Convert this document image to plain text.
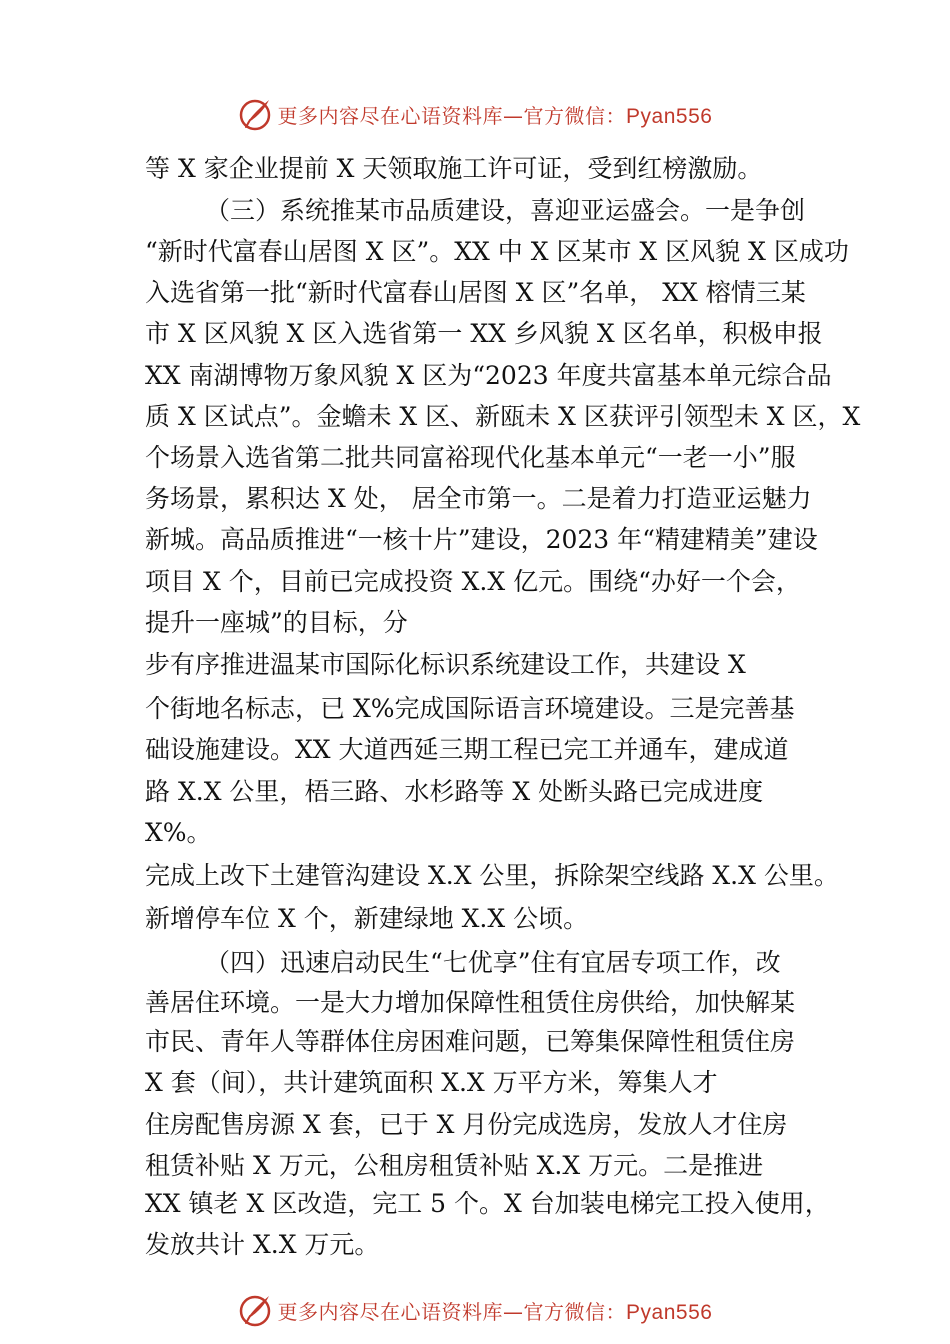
更多内容尽在心语资料库—官方微信：Pyan556
等 X 家企业提前 X 天领取施工许可证，受到红榜激励。
（三）系统推某市品质建设，喜迎亚运盛会。一是争创
“新时代富春山居图 X 区”。XX 中 X 区某市 X 区风貌 X 区成功
入选省第一批“新时代富春山居图 X 区”名单， XX 榕情三某
市 X 区风貌 X 区入选省第一 XX 乡风貌 X 区名单，积极申报
XX 南湖博物万象风貌 X 区为“2023 年度共富基本单元综合品
质 X 区试点”。金蟾未 X 区、新瓯未 X 区获评引领型未 X 区，X
个场景入选省第二批共同富裕现代化基本单元“一老一小”服
务场景，累积达 X 处， 居全市第一。二是着力打造亚运魅力
新城。高品质推进“一核十片”建设，2023 年“精建精美”建设
项目 X 个，目前已完成投资 X.X 亿元。围绕“办好一个会，
提升一座城”的目标，分
步有序推进温某市国际化标识系统建设工作，共建设 X
个街地名标志，已 X%完成国际语言环境建设。三是完善基
础设施建设。XX 大道西延三期工程已完工并通车，建成道
路 X.X 公里，梧三路、水杉路等 X 处断头路已完成进度
X%。
完成上改下土建管沟建设 X.X 公里，拆除架空线路 X.X 公里。
新增停车位 X 个，新建绿地 X.X 公顷。
（四）迅速启动民生“七优享”住有宜居专项工作，改
善居住环境。一是大力增加保障性租赁住房供给，加快解某
市民、青年人等群体住房困难问题，已筹集保障性租赁住房
X 套（间），共计建筑面积 X.X 万平方米，筹集人才
住房配售房源 X 套，已于 X 月份完成选房，发放人才住房
租赁补贴 X 万元，公租房租赁补贴 X.X 万元。二是推进
XX 镇老 X 区改造，完工 5 个。X 台加装电梯完工投入使用，
发放共计 X.X 万元。
更多内容尽在心语资料库—官方微信：Pyan556
